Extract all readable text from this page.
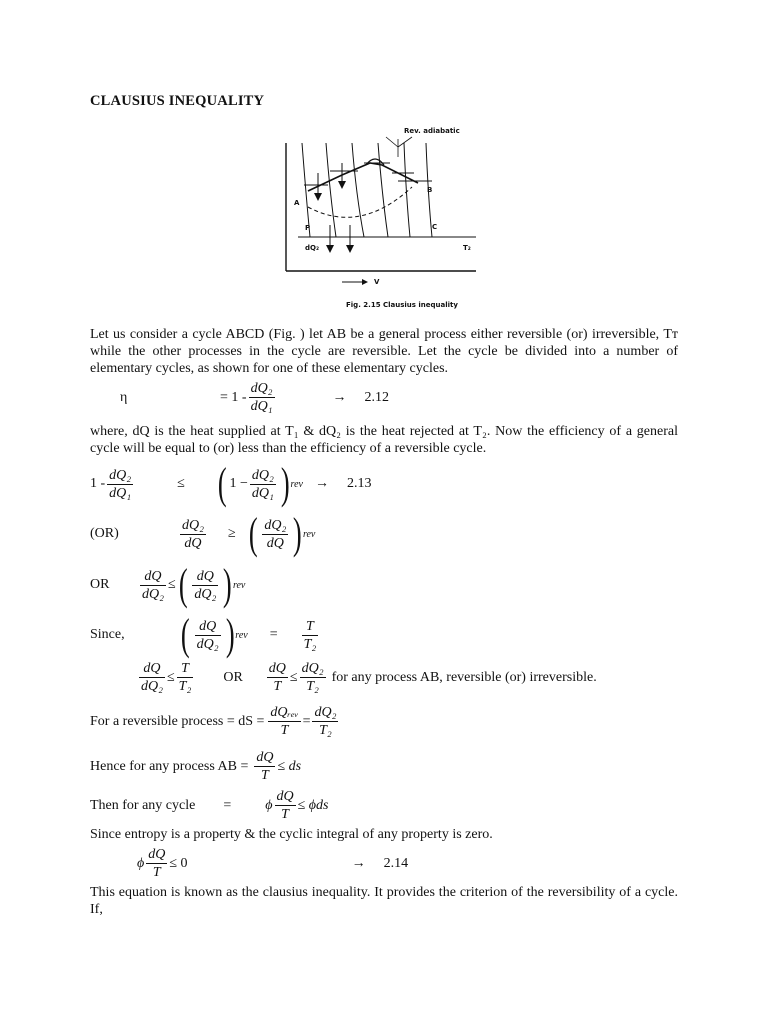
CLAUSIUS INEQUALITY
Rev. adiabatic
A
B
C
P
dQ₂	T₂
V
Fig. 2.15 Clausius inequality
Let us consider a cycle ABCD (Fig. ) let AB be a general process either reversible (or) irreversible, Tᴛ while the other processes in the cycle are reversible. Let the cycle be divided into a number of elementary cycles, as shown for one of these elementary cycles.
η	= $1 - \frac{\text{dQ₂}}{\text{dQ₁}}$	→ 2.12
where, dQ is the heat supplied at T₁ & dQ₂ is the heat rejected at T₂. Now the efficiency of a general cycle will be equal to (or) less than the efficiency of a reversible cycle.
$1 - \frac{\text{dQ₂}}{\text{dQ₁}}$	≤ ( $1 - \frac{\text{dQ₂}}{\text{dQ₁}}$ ) rev → 2.13
(OR)	$\frac{\text{dQ₂}}{dQ}$ ≥ ( $\frac{\text{dQ₂}}{dQ}$ ) rev
OR	$\frac{dQ}{\text{dQ₂}}$ ≤ ( $\frac{dQ}{\text{dQ₂}}$ ) rev
Since,	( $\frac{dQ}{\text{dQ₂}}$ ) rev = $\frac{T}{\text{T₂}}$
$\frac{dQ}{\text{dQ₂}} \le \frac{T}{\text{T₂}}$ OR $\frac{dQ}{T} \le \frac{\text{dQ₂}}{\text{T₂}}$ for any process AB, reversible (or) irreversible.
For a reversible process = dS = $\frac{\text{dQᵣₑᵥ}}{T} = \frac{\text{dQ₂}}{\text{T₂}}$
Hence for any process AB = $\frac{dQ}{T}$ ≤ ds
Then for any cycle = ϕ $\frac{dQ}{T} \le \phi ds$
Since entropy is a property & the cyclic integral of any property is zero.
ϕ $\frac{dQ}{T} \le 0$	→ 2.14
This equation is known as the clausius inequality. It provides the criterion of the reversibility of a cycle. If,
